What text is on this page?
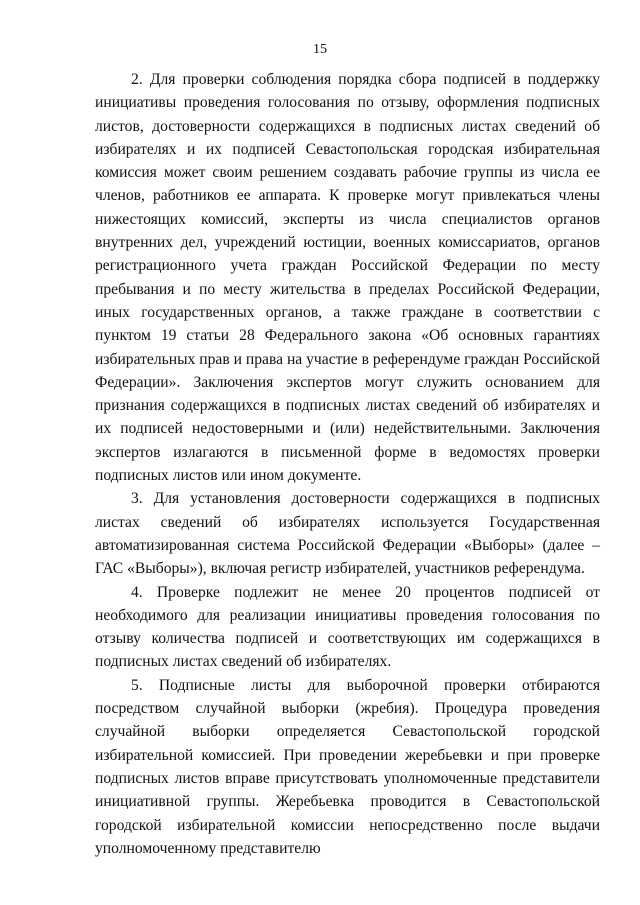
15

2. Для проверки соблюдения порядка сбора подписей в поддержку инициативы проведения голосования по отзыву, оформления подписных листов, достоверности содержащихся в подписных листах сведений об избирателях и их подписей Севастопольская городская избирательная комиссия может своим решением создавать рабочие группы из числа ее членов, работников ее аппарата. К проверке могут привлекаться члены нижестоящих комиссий, эксперты из числа специалистов органов внутренних дел, учреждений юстиции, военных комиссариатов, органов регистрационного учета граждан Российской Федерации по месту пребывания и по месту жительства в пределах Российской Федерации, иных государственных органов, а также граждане в соответствии с пунктом 19 статьи 28 Федерального закона «Об основных гарантиях избирательных прав и права на участие в референдуме граждан Российской Федерации». Заключения экспертов могут служить основанием для признания содержащихся в подписных листах сведений об избирателях и их подписей недостоверными и (или) недействительными. Заключения экспертов излагаются в письменной форме в ведомостях проверки подписных листов или ином документе.

3. Для установления достоверности содержащихся в подписных листах сведений об избирателях используется Государственная автоматизированная система Российской Федерации «Выборы» (далее – ГАС «Выборы»), включая регистр избирателей, участников референдума.

4. Проверке подлежит не менее 20 процентов подписей от необходимого для реализации инициативы проведения голосования по отзыву количества подписей и соответствующих им содержащихся в подписных листах сведений об избирателях.

5. Подписные листы для выборочной проверки отбираются посредством случайной выборки (жребия). Процедура проведения случайной выборки определяется Севастопольской городской избирательной комиссией. При проведении жеребьевки и при проверке подписных листов вправе присутствовать уполномоченные представители инициативной группы. Жеребьевка проводится в Севастопольской городской избирательной комиссии непосредственно после выдачи уполномоченному представителю
